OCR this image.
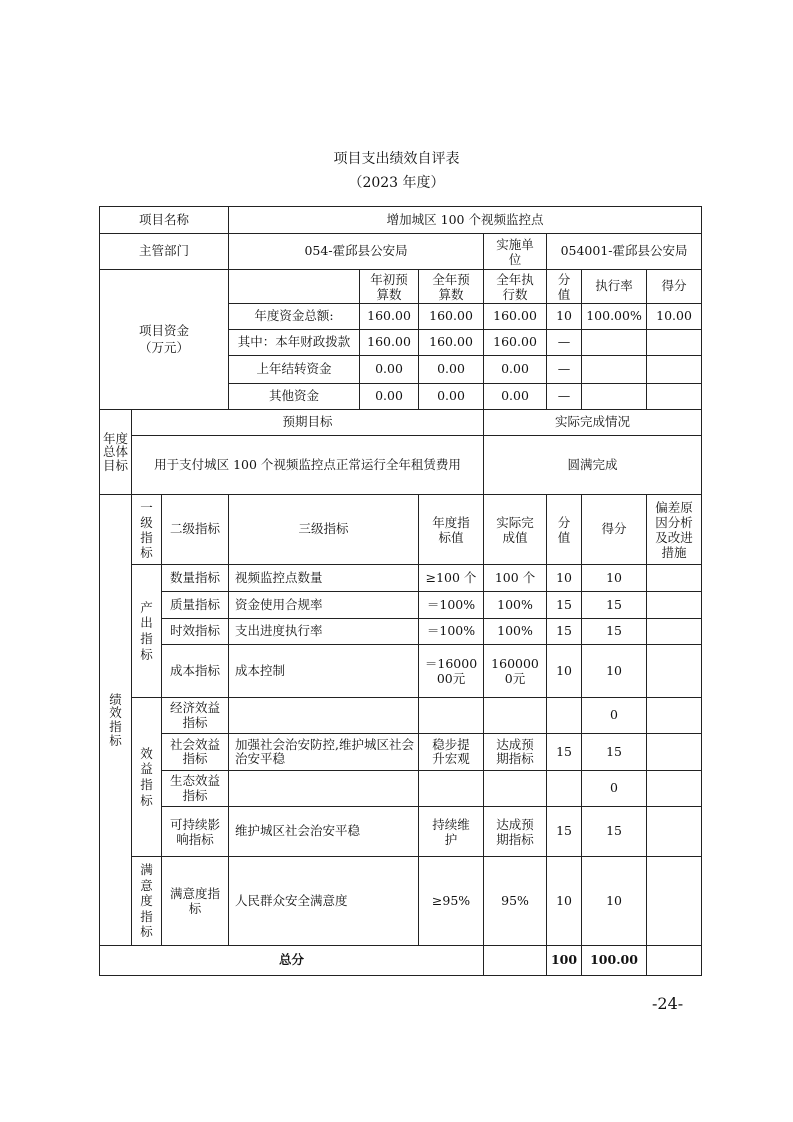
项目支出绩效自评表
（2023 年度）
项目名称			增加城区 100 个视频监控点						
主管部门			054-霍邱县公安局			实施单位	054001-霍邱县公安局		
项目资金（万元）				年初预算数	全年预算数	全年执行数	分值	执行率	得分
			年度资金总额:	160.00	160.00	160.00	10	100.00%	10.00
			其中：本年财政拨款	160.00	160.00	160.00	—		
			上年结转资金	0.00	0.00	0.00	—		
			其他资金	0.00	0.00	0.00	—		
年度总体目标	预期目标					实际完成情况			
	用于支付城区 100 个视频监控点正常运行全年租赁费用					圆满完成			
绩效指标	一级指标	二级指标	三级指标		年度指标值	实际完成值	分值	得分	偏差原因分析及改进措施
	产出指标	数量指标	视频监控点数量		≥100 个	100 个	10	10	
		质量指标	资金使用合规率		＝100%	100%	15	15	
		时效指标	支出进度执行率		＝100%	100%	15	15	
		成本指标	成本控制		＝1600000元	1600000元	10	10	
	效益指标	经济效益指标						0	
		社会效益指标	加强社会治安防控,维护城区社会治安平稳		稳步提升宏观	达成预期指标	15	15	
		生态效益指标						0	
		可持续影响指标	维护城区社会治安平稳		持续维护	达成预期指标	15	15	
	满意度指标	满意度指标	人民群众安全满意度		≥95%	95%	10	10	
总分							100	100.00	
-24-
